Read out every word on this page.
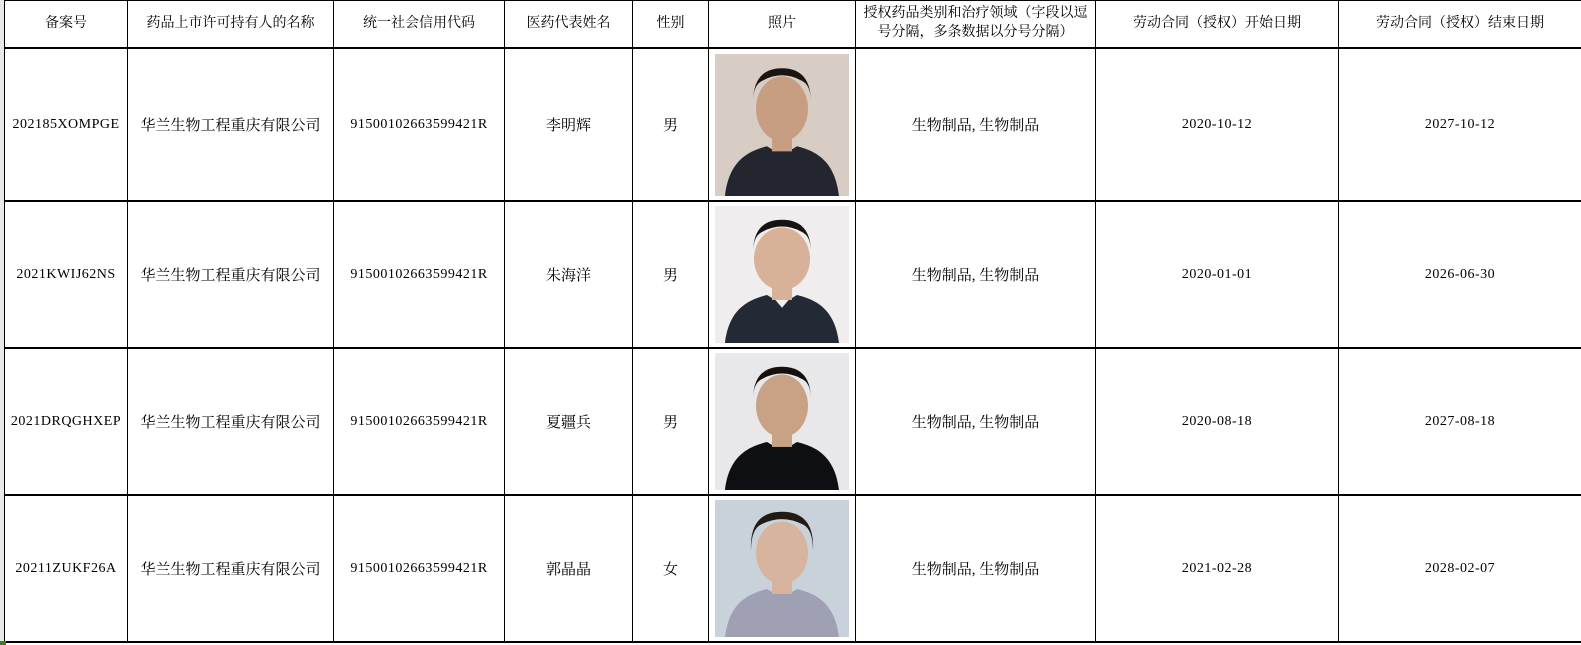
备案号	药品上市许可持有人的名称	统一社会信用代码	医药代表姓名	性别	照片	授权药品类别和治疗领域（字段以逗号分隔，多条数据以分号分隔）	劳动合同（授权）开始日期	劳动合同（授权）结束日期
202185XOMPGE	华兰生物工程重庆有限公司	91500102663599421R	李明辉	男		生物制品, 生物制品	2020-10-12	2027-10-12
2021KWIJ62NS	华兰生物工程重庆有限公司	91500102663599421R	朱海洋	男		生物制品, 生物制品	2020-01-01	2026-06-30
2021DRQGHXEP	华兰生物工程重庆有限公司	91500102663599421R	夏疆兵	男		生物制品, 生物制品	2020-08-18	2027-08-18
20211ZUKF26A	华兰生物工程重庆有限公司	91500102663599421R	郭晶晶	女		生物制品, 生物制品	2021-02-28	2028-02-07
